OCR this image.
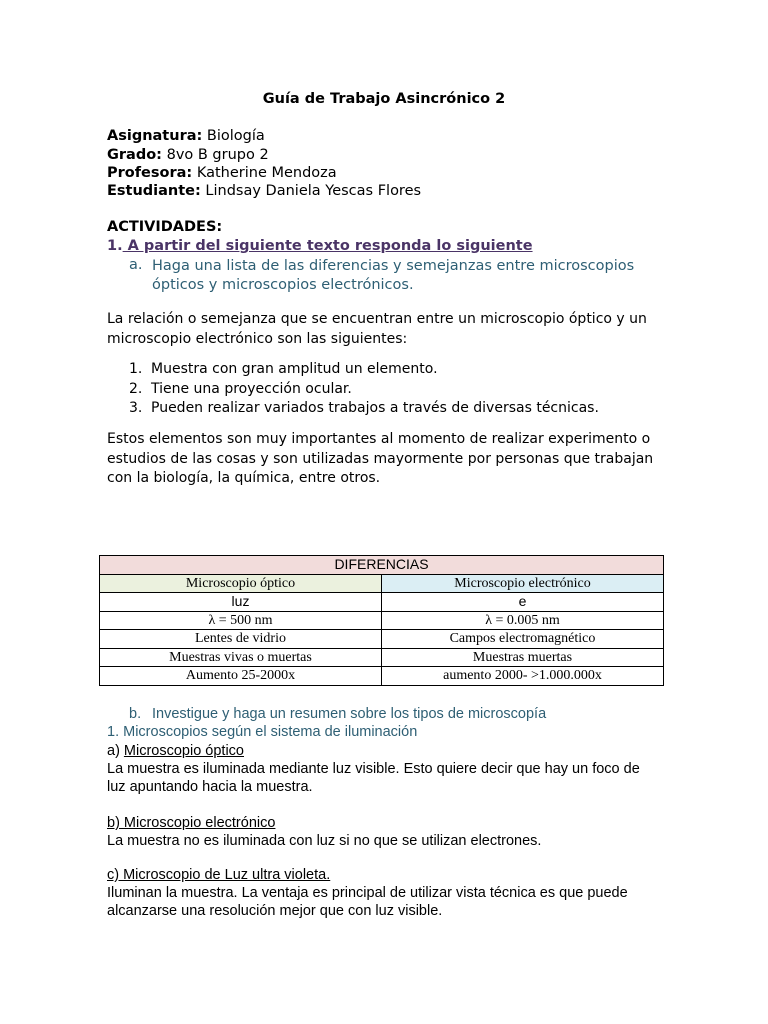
Guía de Trabajo Asincrónico 2
Asignatura: Biología
Grado: 8vo B grupo 2
Profesora: Katherine Mendoza
Estudiante: Lindsay Daniela Yescas Flores
ACTIVIDADES:
1. A partir del siguiente texto responda lo siguiente
a. Haga una lista de las diferencias y semejanzas entre microscopios
ópticos y microscopios electrónicos.
La relación o semejanza que se encuentran entre un microscopio óptico y un
microscopio electrónico son las siguientes:
1. Muestra con gran amplitud un elemento.
2. Tiene una proyección ocular.
3. Pueden realizar variados trabajos a través de diversas técnicas.
Estos elementos son muy importantes al momento de realizar experimento o
estudios de las cosas y son utilizadas mayormente por personas que trabajan
con la biología, la química, entre otros.
DIFERENCIAS	
Microscopio óptico	Microscopio electrónico
luz	e
λ = 500 nm	λ = 0.005 nm
Lentes de vidrio	Campos electromagnético
Muestras vivas o muertas	Muestras muertas
Aumento 25-2000x	aumento 2000- >1.000.000x
b. Investigue y haga un resumen sobre los tipos de microscopía
1. Microscopios según el sistema de iluminación
a) Microscopio óptico
La muestra es iluminada mediante luz visible. Esto quiere decir que hay un foco de
luz apuntando hacia la muestra.
b) Microscopio electrónico
La muestra no es iluminada con luz si no que se utilizan electrones.
c) Microscopio de Luz ultra violeta.
Iluminan la muestra. La ventaja es principal de utilizar vista técnica es que puede
alcanzarse una resolución mejor que con luz visible.
